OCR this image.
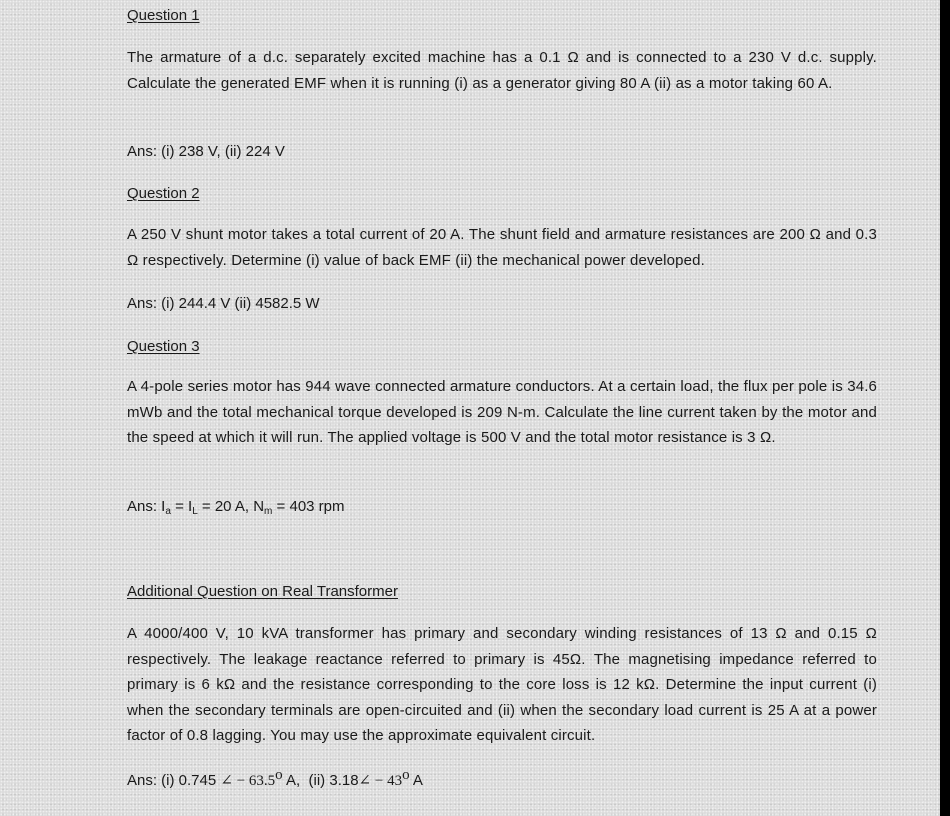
Question 1
The armature of a d.c. separately excited machine has a 0.1 Ω and is connected to a 230 V d.c. supply. Calculate the generated EMF when it is running (i) as a generator giving 80 A (ii) as a motor taking 60 A.
Ans: (i) 238 V, (ii) 224 V
Question 2
A 250 V shunt motor takes a total current of 20 A. The shunt field and armature resistances are 200 Ω and 0.3 Ω respectively. Determine (i) value of back EMF (ii) the mechanical power developed.
Ans: (i) 244.4 V (ii) 4582.5 W
Question 3
A 4-pole series motor has 944 wave connected armature conductors. At a certain load, the flux per pole is 34.6 mWb and the total mechanical torque developed is 209 N-m. Calculate the line current taken by the motor and the speed at which it will run. The applied voltage is 500 V and the total motor resistance is 3 Ω.
Ans: $I_a = I_L = 20$ A, $N_m = 403$ rpm
Additional Question on Real Transformer
A 4000/400 V, 10 kVA transformer has primary and secondary winding resistances of 13 Ω and 0.15 Ω respectively. The leakage reactance referred to primary is 45Ω. The magnetising impedance referred to primary is 6 kΩ and the resistance corresponding to the core loss is 12 kΩ. Determine the input current (i) when the secondary terminals are open-circuited and (ii) when the secondary load current is 25 A at a power factor of 0.8 lagging. You may use the approximate equivalent circuit.
Ans: (i) 0.745 ∠ − $63.5^o$ A,  (ii) 3.18∠ − $43^o$ A
